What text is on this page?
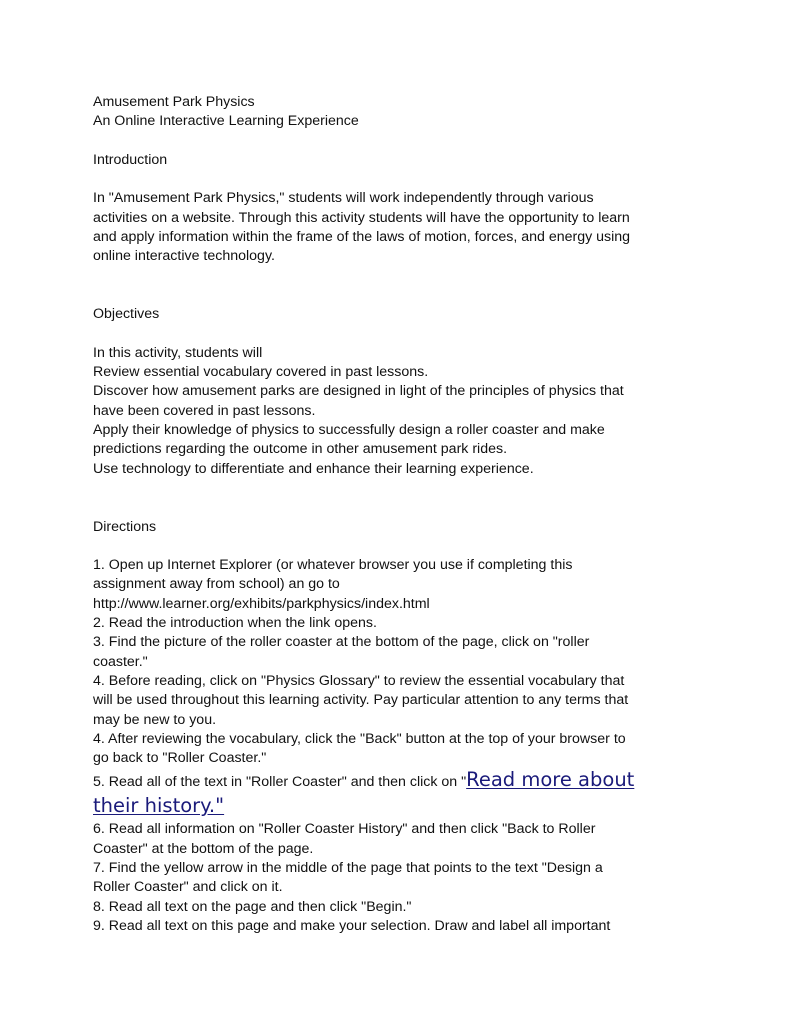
Amusement Park Physics
An Online Interactive Learning Experience
Introduction
In "Amusement Park Physics," students will work independently through various
activities on a website. Through this activity students will have the opportunity to learn
and apply information within the frame of the laws of motion, forces, and energy using
online interactive technology.
Objectives
In this activity, students will
Review essential vocabulary covered in past lessons.
Discover how amusement parks are designed in light of the principles of physics that
have been covered in past lessons.
Apply their knowledge of physics to successfully design a roller coaster and make
predictions regarding the outcome in other amusement park rides.
Use technology to differentiate and enhance their learning experience.
Directions
1. Open up Internet Explorer (or whatever browser you use if completing this
assignment away from school) an go to
http://www.learner.org/exhibits/parkphysics/index.html
2. Read the introduction when the link opens.
3. Find the picture of the roller coaster at the bottom of the page, click on "roller
coaster."
4. Before reading, click on "Physics Glossary" to review the essential vocabulary that
will be used throughout this learning activity. Pay particular attention to any terms that
may be new to you.
4. After reviewing the vocabulary, click the "Back" button at the top of your browser to
go back to "Roller Coaster."
5. Read all of the text in "Roller Coaster" and then click on "Read more about
their history."
6. Read all information on "Roller Coaster History" and then click "Back to Roller
Coaster" at the bottom of the page.
7. Find the yellow arrow in the middle of the page that points to the text "Design a
Roller Coaster" and click on it.
8. Read all text on the page and then click "Begin."
9. Read all text on this page and make your selection. Draw and label all important
